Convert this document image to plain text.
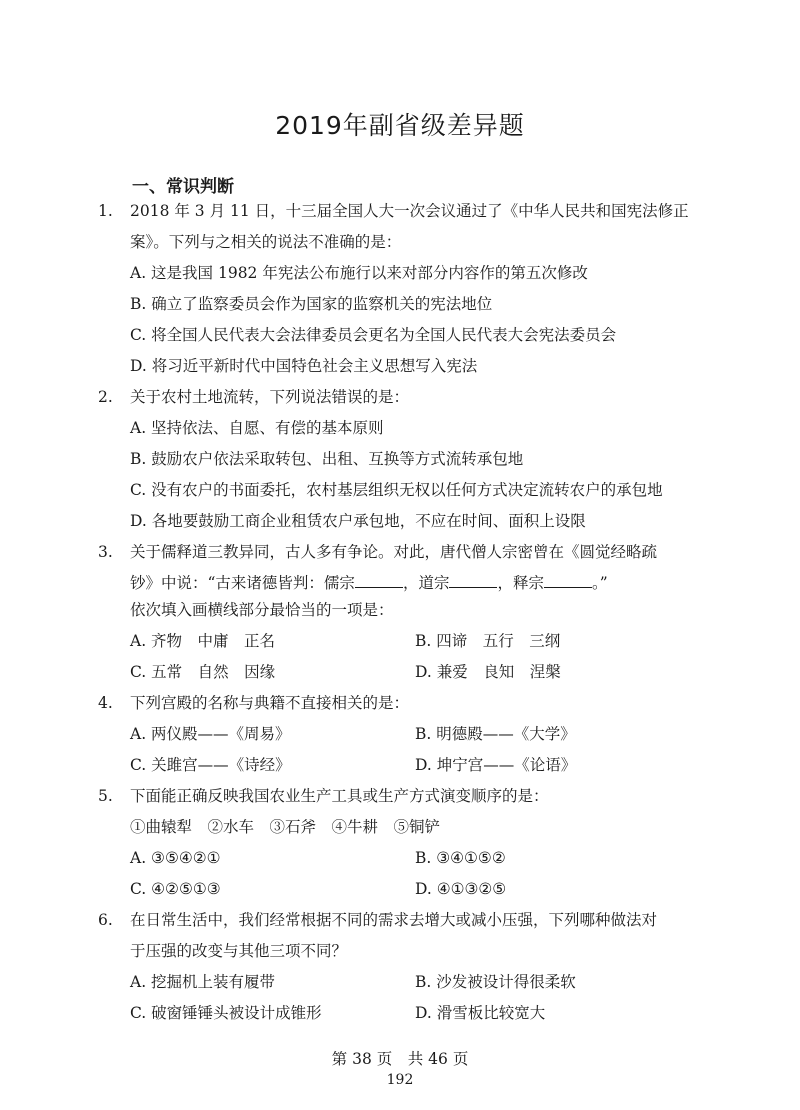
2019年副省级差异题
一、常识判断
1. 2018 年 3 月 11 日，十三届全国人大一次会议通过了《中华人民共和国宪法修正
案》。下列与之相关的说法不准确的是：
A. 这是我国 1982 年宪法公布施行以来对部分内容作的第五次修改
B. 确立了监察委员会作为国家的监察机关的宪法地位
C. 将全国人民代表大会法律委员会更名为全国人民代表大会宪法委员会
D. 将习近平新时代中国特色社会主义思想写入宪法
2. 关于农村土地流转，下列说法错误的是：
A. 坚持依法、自愿、有偿的基本原则
B. 鼓励农户依法采取转包、出租、互换等方式流转承包地
C. 没有农户的书面委托，农村基层组织无权以任何方式决定流转农户的承包地
D. 各地要鼓励工商企业租赁农户承包地，不应在时间、面积上设限
3. 关于儒释道三教异同，古人多有争论。对此，唐代僧人宗密曾在《圆觉经略疏
钞》中说：“古来诸德皆判：儒宗	，道宗	，释宗	。”
依次填入画横线部分最恰当的一项是：
A. 齐物　中庸　正名	B. 四谛　五行　三纲
C. 五常　自然　因缘	D. 兼爱　良知　涅槃
4. 下列宫殿的名称与典籍不直接相关的是：
A. 两仪殿——《周易》	B. 明德殿——《大学》
C. 关雎宫——《诗经》	D. 坤宁宫——《论语》
5. 下面能正确反映我国农业生产工具或生产方式演变顺序的是：
①曲辕犁　②水车　③石斧　④牛耕　⑤铜铲
A. ③⑤④②①	B. ③④①⑤②
C. ④②⑤①③	D. ④①③②⑤
6. 在日常生活中，我们经常根据不同的需求去增大或减小压强，下列哪种做法对
于压强的改变与其他三项不同？
A. 挖掘机上装有履带	B. 沙发被设计得很柔软
C. 破窗锤锤头被设计成锥形	D. 滑雪板比较宽大
第 38 页　共 46 页
192
